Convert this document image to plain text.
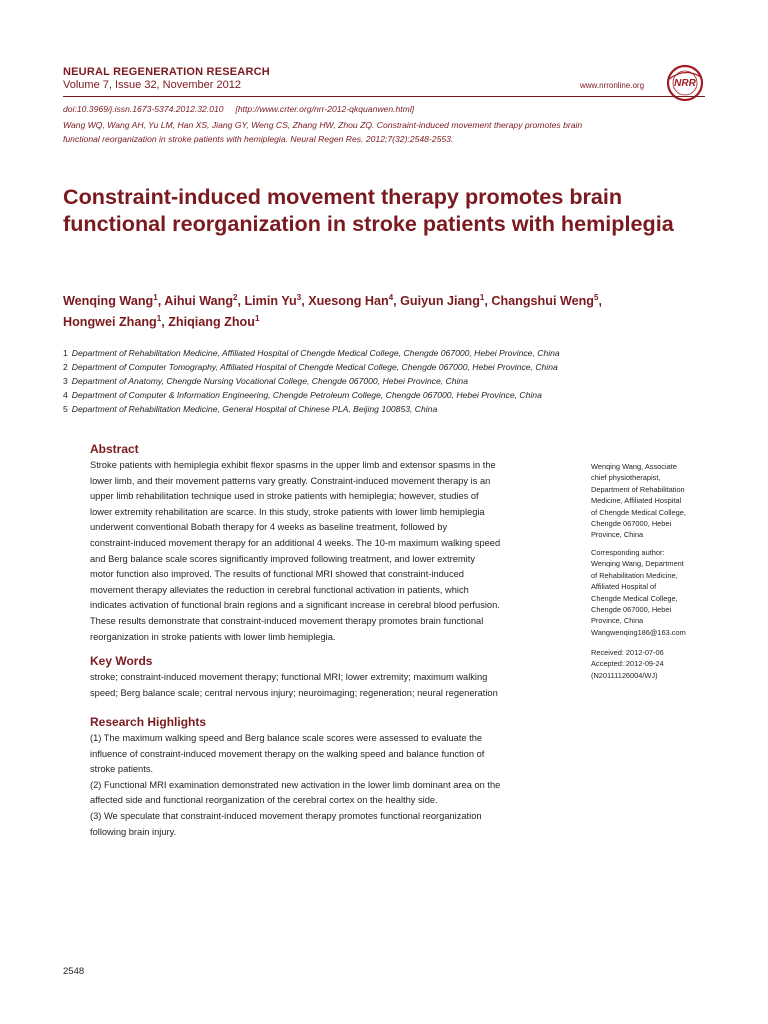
NEURAL REGENERATION RESEARCH
Volume 7, Issue 32, November 2012	www.nrronline.org	NRR
doi:10.3969/j.issn.1673-5374.2012.32.010     [http://www.crter.org/nrr-2012-qkquanwen.html]
Wang WQ, Wang AH, Yu LM, Han XS, Jiang GY, Weng CS, Zhang HW, Zhou ZQ. Constraint-induced movement therapy promotes brain
functional reorganization in stroke patients with hemiplegia. Neural Regen Res. 2012;7(32):2548-2553.
Constraint-induced movement therapy promotes brain functional reorganization in stroke patients with hemiplegia
Wenqing Wang$^1$, Aihui Wang$^2$, Limin Yu$^3$, Xuesong Han$^4$, Guiyun Jiang$^1$, Changshui Weng$^5$,
Hongwei Zhang$^1$, Zhiqiang Zhou$^1$
1 Department of Rehabilitation Medicine, Affiliated Hospital of Chengde Medical College, Chengde 067000, Hebei Province, China
2 Department of Computer Tomography, Affiliated Hospital of Chengde Medical College, Chengde 067000, Hebei Province, China
3 Department of Anatomy, Chengde Nursing Vocational College, Chengde 067000, Hebei Province, China
4 Department of Computer & Information Engineering, Chengde Petroleum College, Chengde 067000, Hebei Province, China
5 Department of Rehabilitation Medicine, General Hospital of Chinese PLA, Beijing 100853, China
Abstract
Stroke patients with hemiplegia exhibit flexor spasms in the upper limb and extensor spasms in the
lower limb, and their movement patterns vary greatly. Constraint-induced movement therapy is an
upper limb rehabilitation technique used in stroke patients with hemiplegia; however, studies of
lower extremity rehabilitation are scarce. In this study, stroke patients with lower limb hemiplegia
underwent conventional Bobath therapy for 4 weeks as baseline treatment, followed by
constraint-induced movement therapy for an additional 4 weeks. The 10-m maximum walking speed
and Berg balance scale scores significantly improved following treatment, and lower extremity
motor function also improved. The results of functional MRI showed that constraint-induced
movement therapy alleviates the reduction in cerebral functional activation in patients, which
indicates activation of functional brain regions and a significant increase in cerebral blood perfusion.
These results demonstrate that constraint-induced movement therapy promotes brain functional
reorganization in stroke patients with lower limb hemiplegia.
Key Words
stroke; constraint-induced movement therapy; functional MRI; lower extremity; maximum walking
speed; Berg balance scale; central nervous injury; neuroimaging; regeneration; neural regeneration
Research Highlights
(1) The maximum walking speed and Berg balance scale scores were assessed to evaluate the
influence of constraint-induced movement therapy on the walking speed and balance function of
stroke patients.
(2) Functional MRI examination demonstrated new activation in the lower limb dominant area on the
affected side and functional reorganization of the cerebral cortex on the healthy side.
(3) We speculate that constraint-induced movement therapy promotes functional reorganization
following brain injury.
Wenqing Wang, Associate
chief physiotherapist,
Department of Rehabilitation
Medicine, Affiliated Hospital
of Chengde Medical College,
Chengde 067000, Hebei
Province, China
Corresponding author:
Wenqing Wang, Department
of Rehabilitation Medicine,
Affiliated Hospital of
Chengde Medical College,
Chengde 067000, Hebei
Province, China
Wangwenqing186@163.com
Received: 2012-07-06
Accepted: 2012-09-24
(N20111126004/WJ)
2548
